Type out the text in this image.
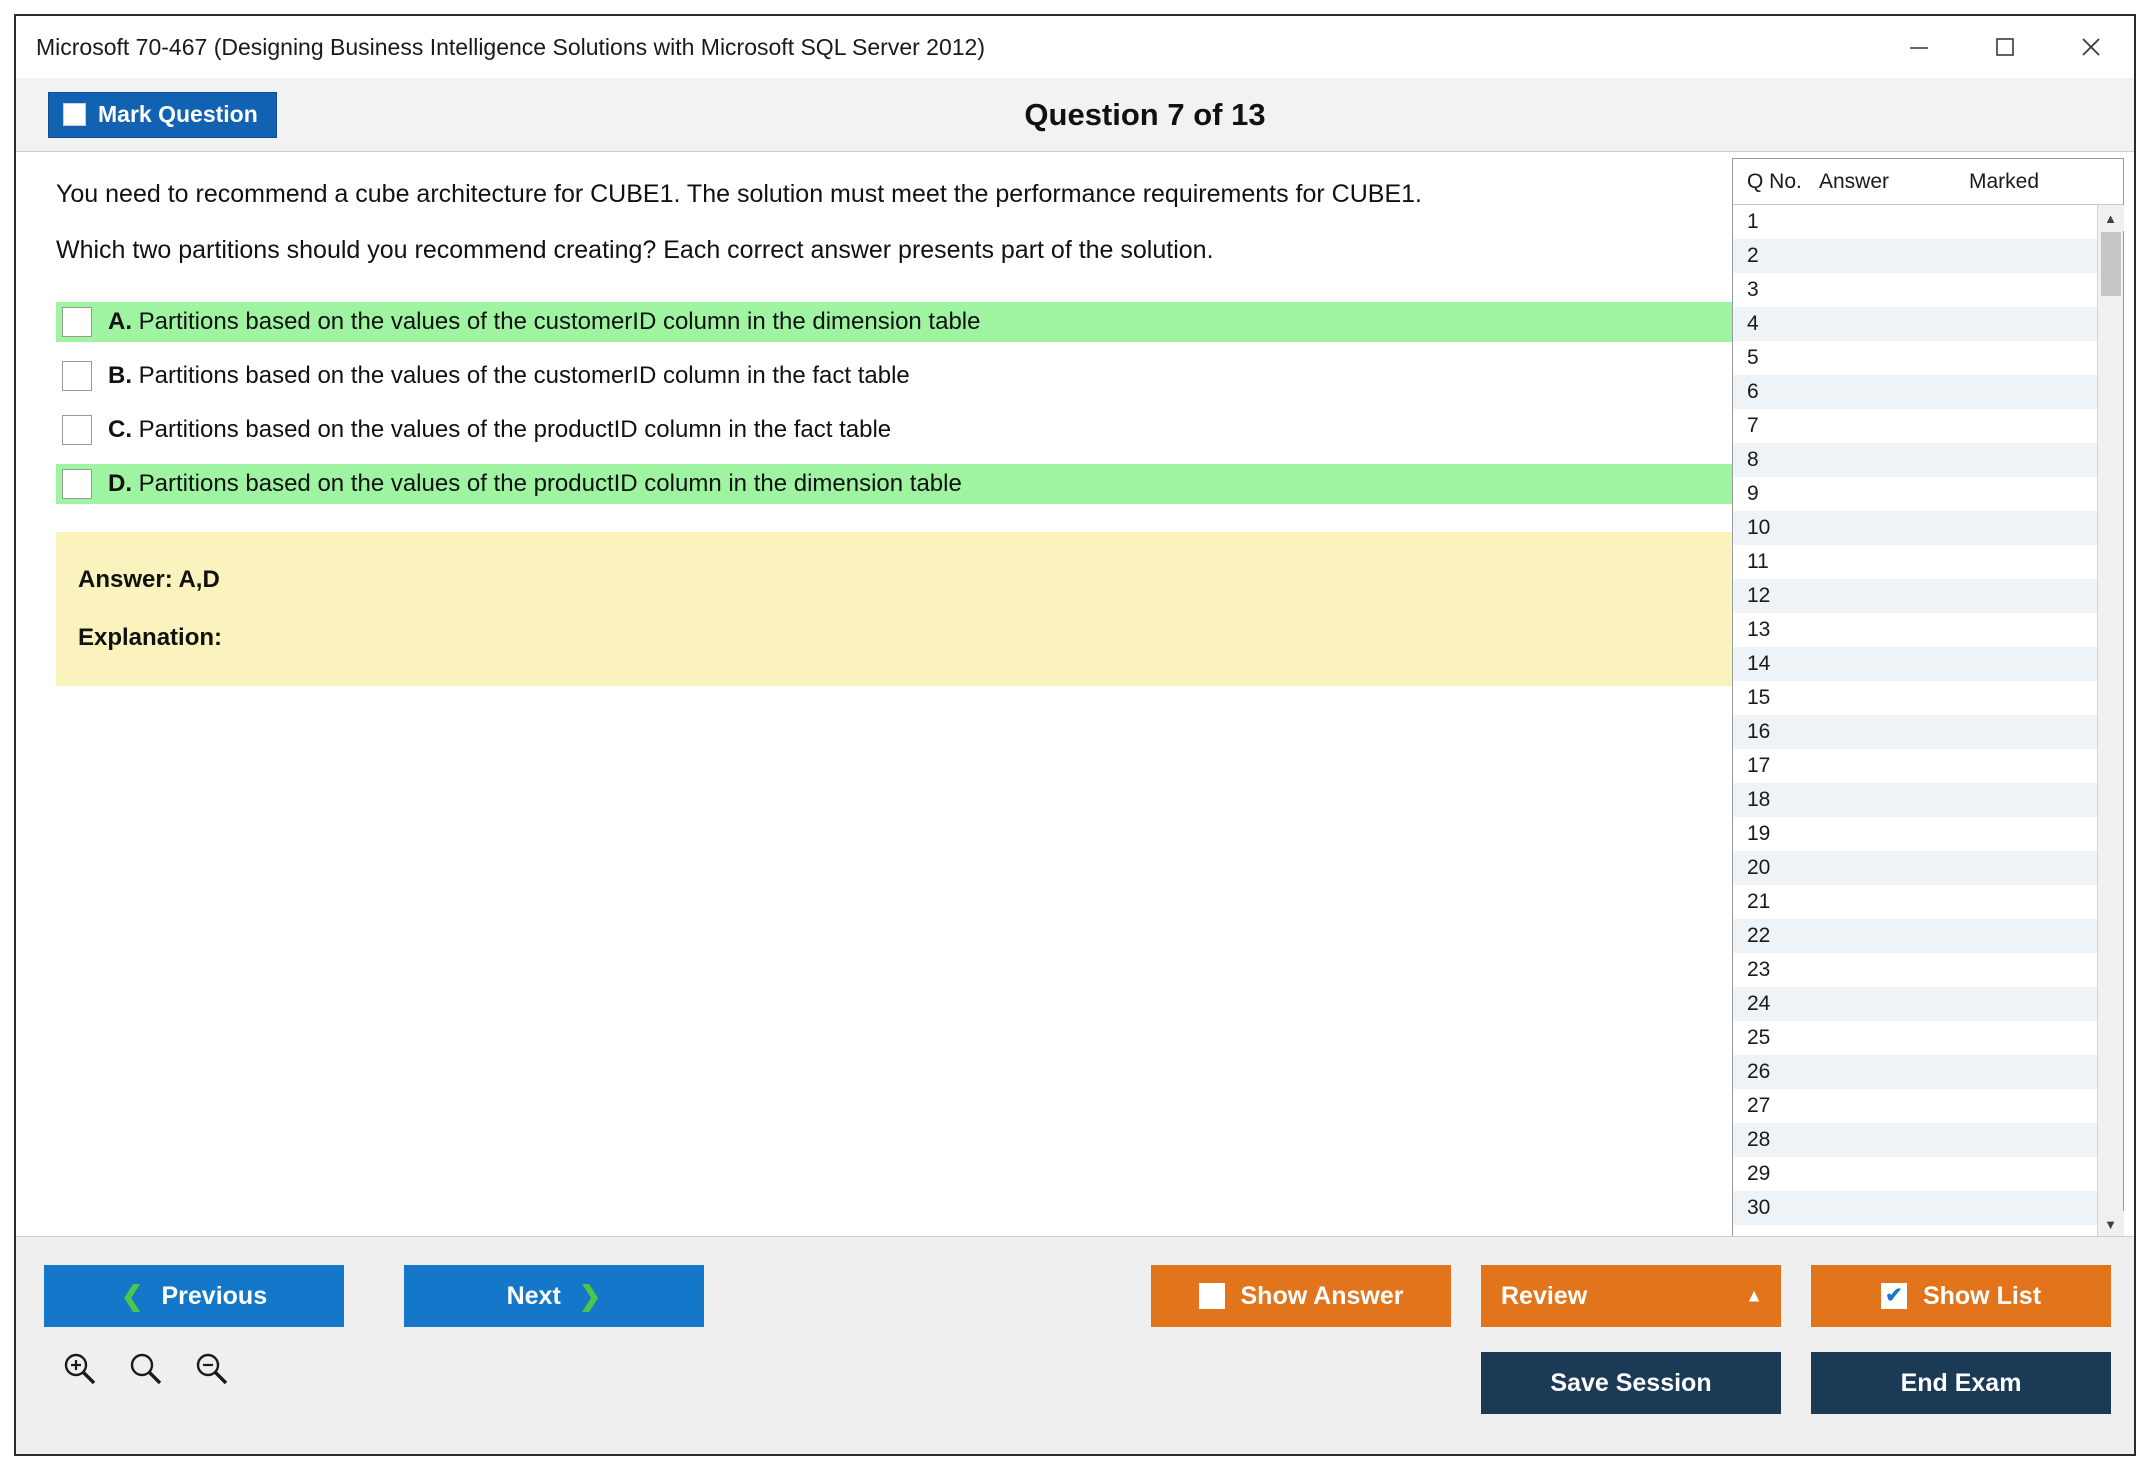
Microsoft 70-467 (Designing Business Intelligence Solutions with Microsoft SQL Server 2012)
Mark Question	Question 7 of 13
You need to recommend a cube architecture for CUBE1. The solution must meet the performance requirements for CUBE1.
Which two partitions should you recommend creating? Each correct answer presents part of the solution.
A. Partitions based on the values of the customerID column in the dimension table
B. Partitions based on the values of the customerID column in the fact table
C. Partitions based on the values of the productID column in the fact table
D. Partitions based on the values of the productID column in the dimension table
Answer: A,D
Explanation:
Q No. Answer	Marked
1
2
3
4
5
6
7
8
9
10
11
12
13
14
15
16
17
18
19
20
21
22
23
24
25
26
27
28
29
30
▲
▼
❮ Previous	Next ❯	Show Answer	Review	▲	✔ Show List
Save Session	End Exam
